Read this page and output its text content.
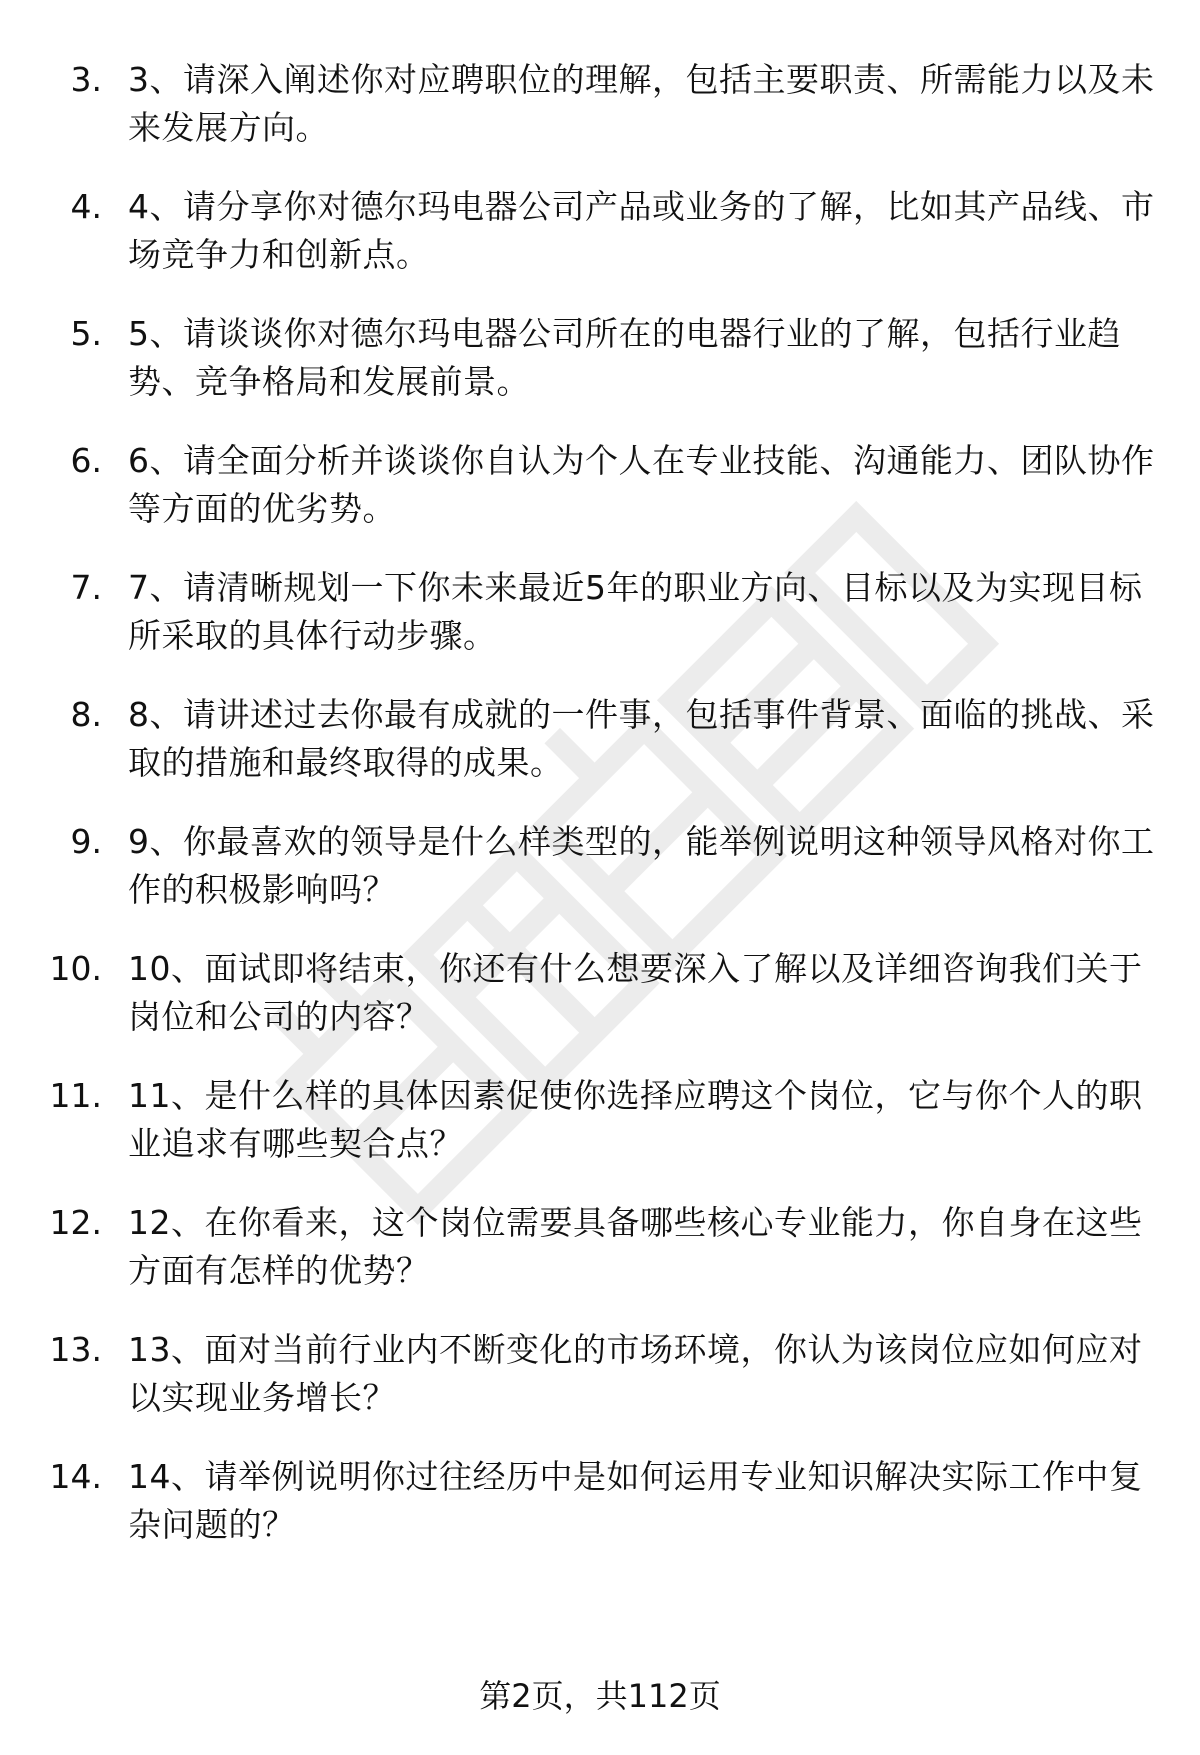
3. 3、请深入阐述你对应聘职位的理解，包括主要职责、所需能力以及未来发展方向。
4. 4、请分享你对德尔玛电器公司产品或业务的了解，比如其产品线、市场竞争力和创新点。
5. 5、请谈谈你对德尔玛电器公司所在的电器行业的了解，包括行业趋势、竞争格局和发展前景。
6. 6、请全面分析并谈谈你自认为个人在专业技能、沟通能力、团队协作等方面的优劣势。
7. 7、请清晰规划一下你未来最近5年的职业方向、目标以及为实现目标所采取的具体行动步骤。
8. 8、请讲述过去你最有成就的一件事，包括事件背景、面临的挑战、采取的措施和最终取得的成果。
9. 9、你最喜欢的领导是什么样类型的，能举例说明这种领导风格对你工作的积极影响吗？
10. 10、面试即将结束，你还有什么想要深入了解以及详细咨询我们关于岗位和公司的内容？
11. 11、是什么样的具体因素促使你选择应聘这个岗位，它与你个人的职业追求有哪些契合点？
12. 12、在你看来，这个岗位需要具备哪些核心专业能力，你自身在这些方面有怎样的优势？
13. 13、面对当前行业内不断变化的市场环境，你认为该岗位应如何应对以实现业务增长？
14. 14、请举例说明你过往经历中是如何运用专业知识解决实际工作中复杂问题的？
第2页，共112页
